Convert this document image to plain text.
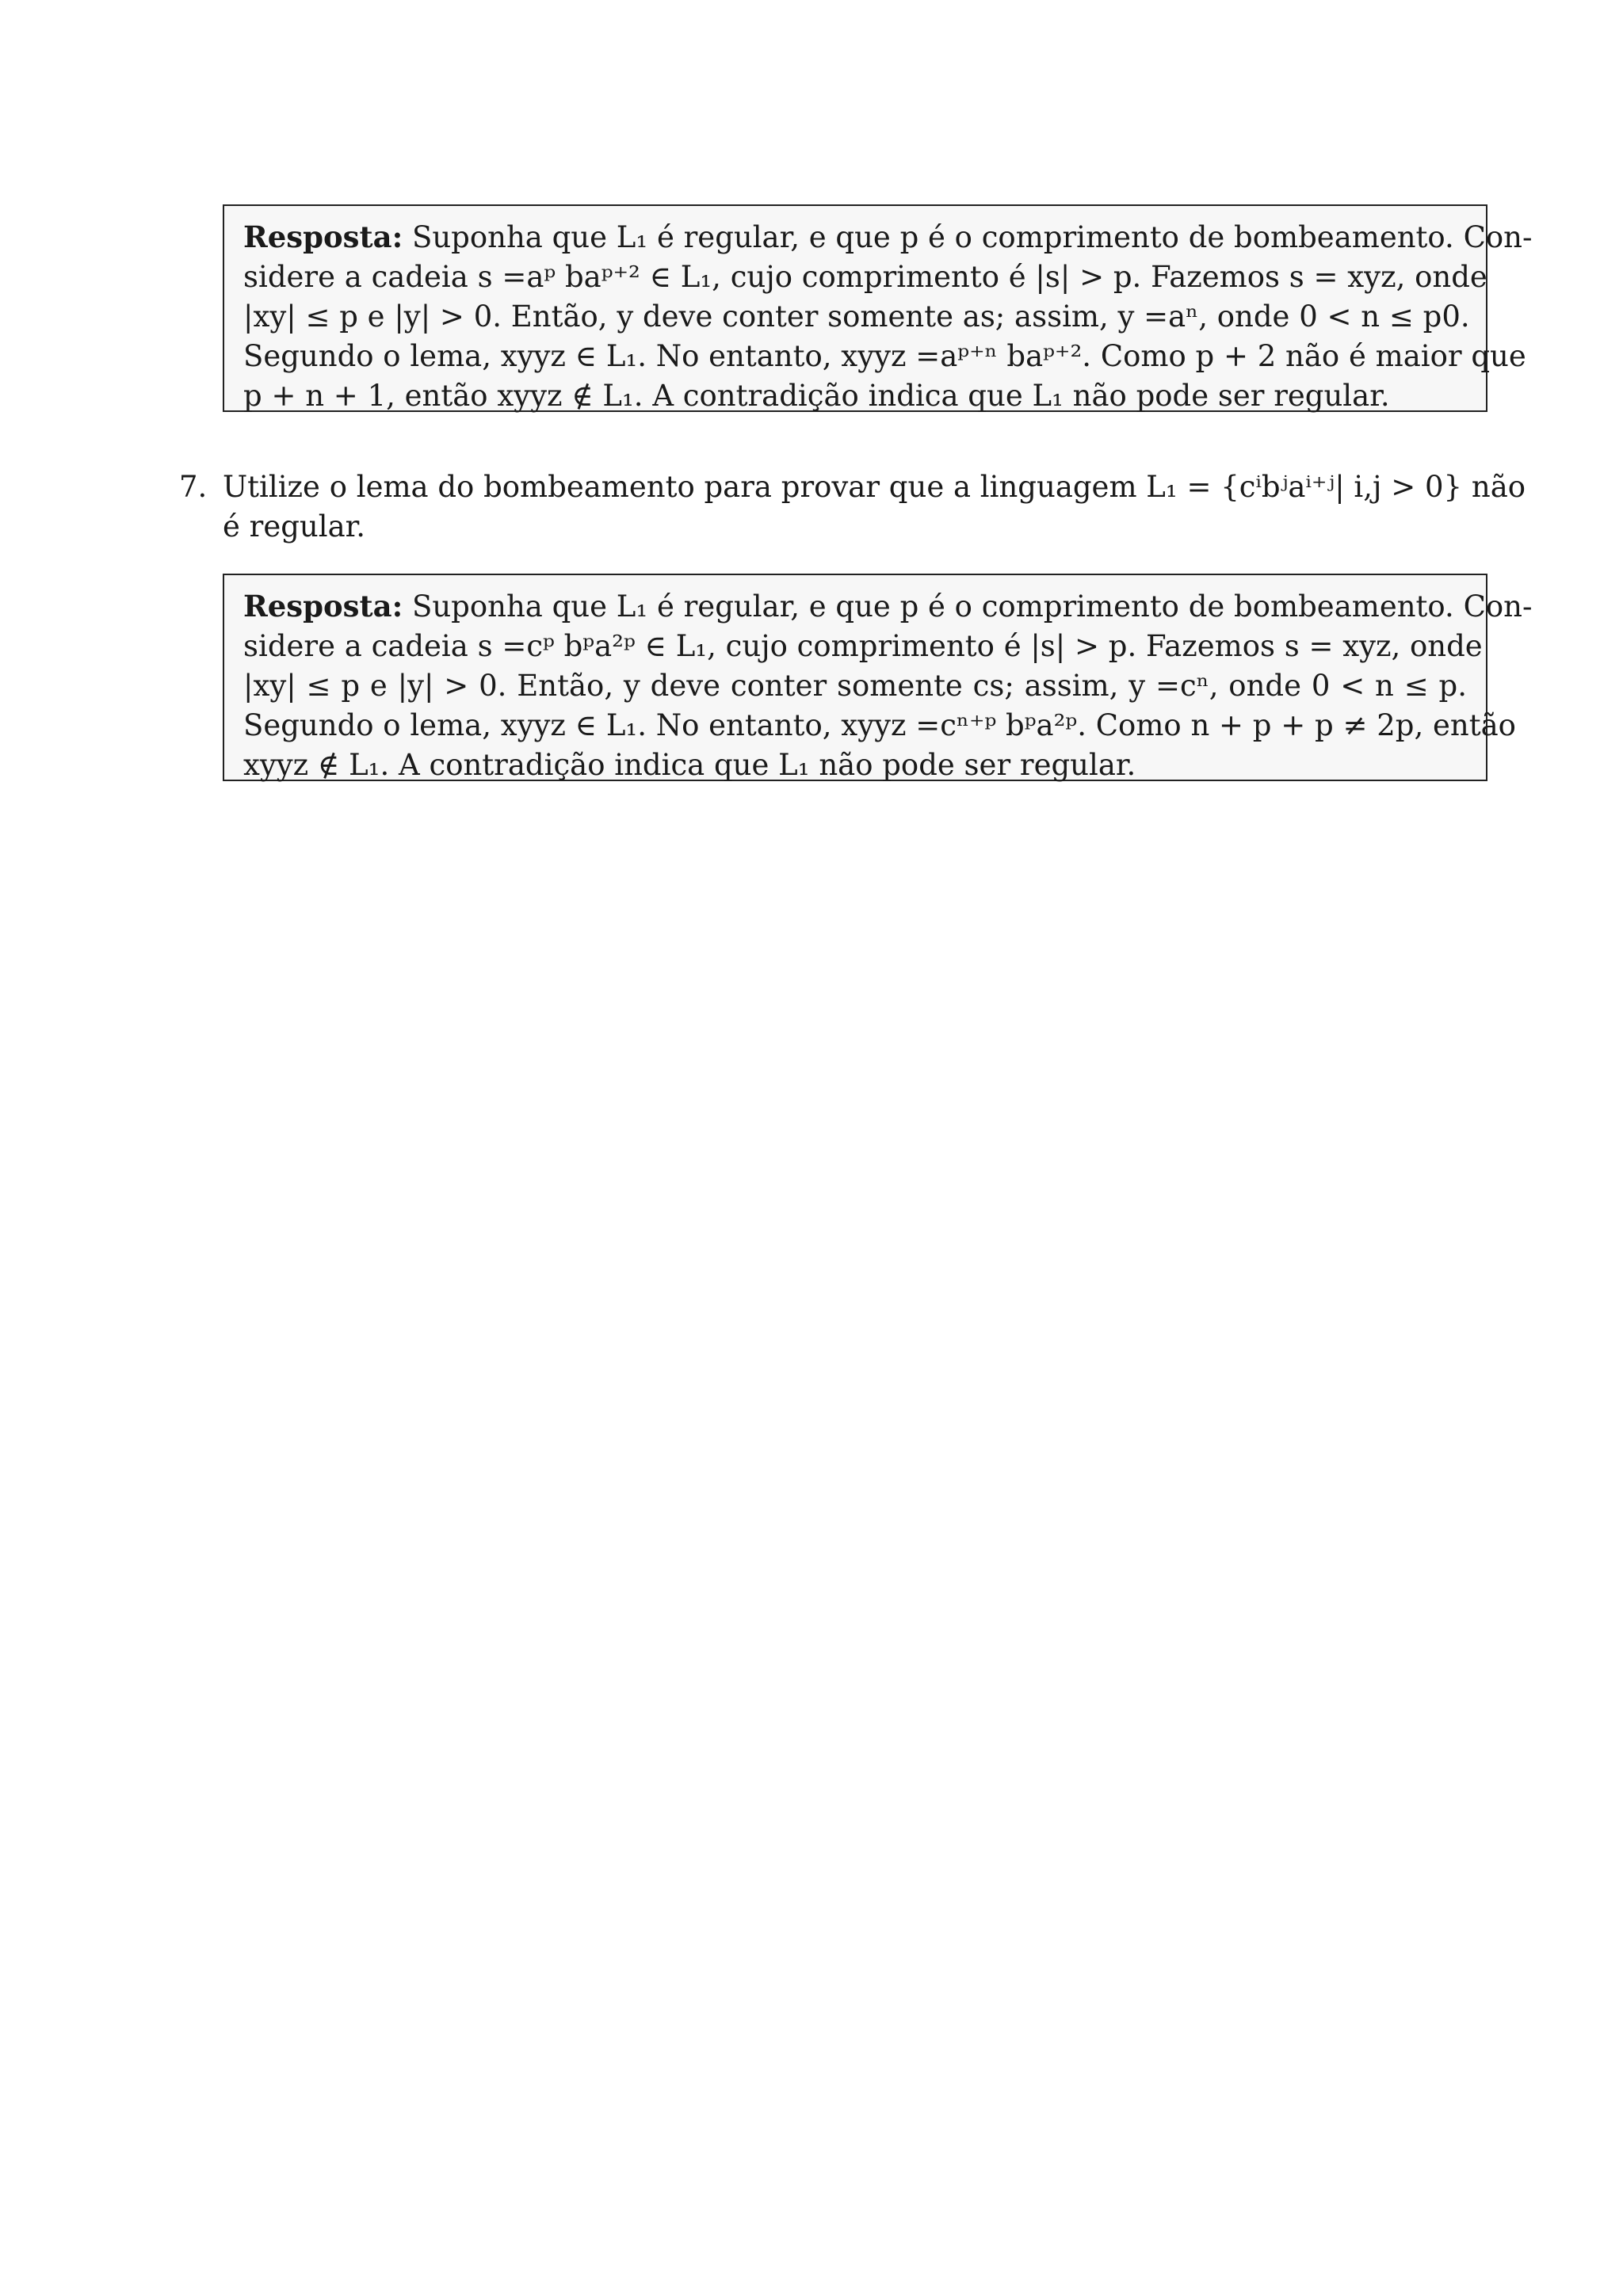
Resposta: Suponha que L₁ é regular, e que p é o comprimento de bombeamento. Con-
sidere a cadeia s =aᵖ baᵖ⁺² ∈ L₁, cujo comprimento é |s| > p. Fazemos s = xyz, onde
|xy| ≤ p e |y| > 0. Então, y deve conter somente as; assim, y =aⁿ, onde 0 < n ≤ p0.
Segundo o lema, xyyz ∈ L₁. No entanto, xyyz =aᵖ⁺ⁿ baᵖ⁺². Como p + 2 não é maior que
p + n + 1, então xyyz ∉ L₁. A contradição indica que L₁ não pode ser regular.
7. Utilize o lema do bombeamento para provar que a linguagem L₁ = {cⁱbʲaⁱ⁺ʲ| i,j > 0} não
é regular.
Resposta: Suponha que L₁ é regular, e que p é o comprimento de bombeamento. Con-
sidere a cadeia s =cᵖ bᵖa²ᵖ ∈ L₁, cujo comprimento é |s| > p. Fazemos s = xyz, onde
|xy| ≤ p e |y| > 0. Então, y deve conter somente cs; assim, y =cⁿ, onde 0 < n ≤ p.
Segundo o lema, xyyz ∈ L₁. No entanto, xyyz =cⁿ⁺ᵖ bᵖa²ᵖ. Como n + p + p ≠ 2p, então
xyyz ∉ L₁. A contradição indica que L₁ não pode ser regular.
